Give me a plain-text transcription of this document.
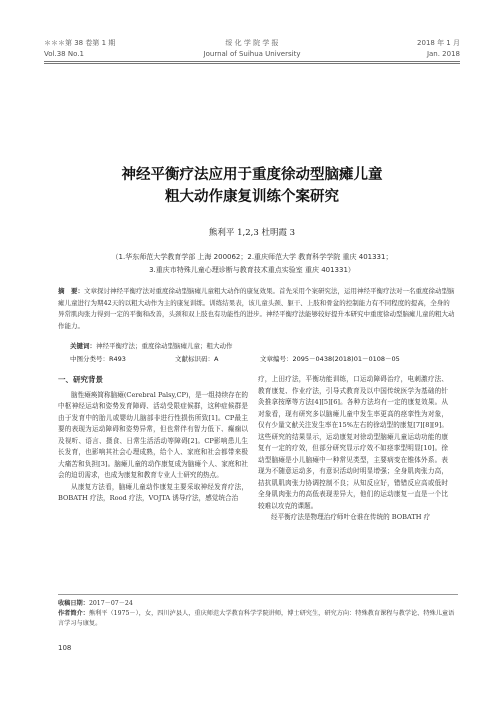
＊＊＊第 38 卷第 1 期	绥 化 学 院 学 报	2018 年 1 月
Vol.38 No.1	Journal of Suihua University	Jan. 2018
神经平衡疗法应用于重度徐动型脑瘫儿童
粗大动作康复训练个案研究
熊利平 1,2,3 杜明霞 3
（1.华东师范大学教育学部 上海 200062；2.重庆师范大学 教育科学学院 重庆 401331；
3.重庆市特殊儿童心理诊断与教育技术重点实验室 重庆 401331）
摘　要：文章探讨神经平衡疗法对重度徐动型脑瘫儿童粗大动作的康复效果。首先采用个案研究法，运用神经平衡疗法对一名重度徐动型脑瘫儿童进行为期42天的以粗大动作为主的康复训练。训练结果表，该儿童头颈、躯干、上肢和骨盆的控制能力有不同程度的提高，全身的异常肌肉张力得到一定的平衡和改善，头颈和双上肢也有功能性的进步。神经平衡疗法能够较好提升本研究中重度徐动型脑瘫儿童的粗大动作能力。
关键词：神经平衡疗法；重度徐动型脑瘫儿童；粗大动作
中图分类号：R493	文献标识码：A	文章编号：2095－0438(2018)01－0108－05
一、研究背景

脑性瘫痪简称脑瘫(Cerebral Palsy,CP)，是一组持续存在的中枢神经运动和姿势发育障碍、活动受限症候群，这种症候群是由于发育中的胎儿或婴幼儿脑部非进行性损伤所致[1]。CP最主要的表现为运动障碍和姿势异常，但也常伴有智力低下、癫痫以及视听、语言、摄食、日常生活活动等障碍[2]。CP影响患儿生长发育，也影响其社会心理成熟，给个人、家庭和社会都带来极大痛苦和负担[3]。脑瘫儿童的动作康复成为脑瘫个人、家庭和社会的迫切需求，也成为康复和教育专业人士研究的热点。

从康复方法看，脑瘫儿童动作康复主要采取神经发育疗法，BOBATH 疗法，Rood 疗法，VOJTA 诱导疗法，感觉统合治

疗，上田疗法，平衡功能训练，口运动障碍治疗，电刺激疗法、教育康复、作业疗法，引导式教育及以中国传统医学为基础的针灸推拿按摩等方法[4][5][6]。各种方法均有一定的康复效果。从对象看，现有研究多以脑瘫儿童中发生率更高的痉挛性为对象，仅有少量文献关注发生率在15%左右的徐动型的康复[7][8][9]。这些研究的结果显示，运动康复对徐动型脑瘫儿童运动功能的康复有一定的疗效，但部分研究显示疗效不如痉挛型明显[10]。徐动型脑瘫是小儿脑瘫中一种常见类型，主要病变在锥体外系。表现为不随意运动多，有意识活动时明显增强；全身肌肉张力高，拮抗肌肌肉张力协调控制不良；从知反应好，错错反应高或低时全身肌肉张力的高低表现差异大，他们的运动康复一直是一个比较难以攻克的课题。

经平衡疗法是物理治疗师叶仓谁在传统的 BOBATH 疗

收稿日期：2017－07－24
作者简介：熊利平（1975－），女，四川泸县人，重庆师范大学教育科学学院讲师，博士研究生，研究方向：特殊教育课程与教学论、特殊儿童语言学习与康复。
108
